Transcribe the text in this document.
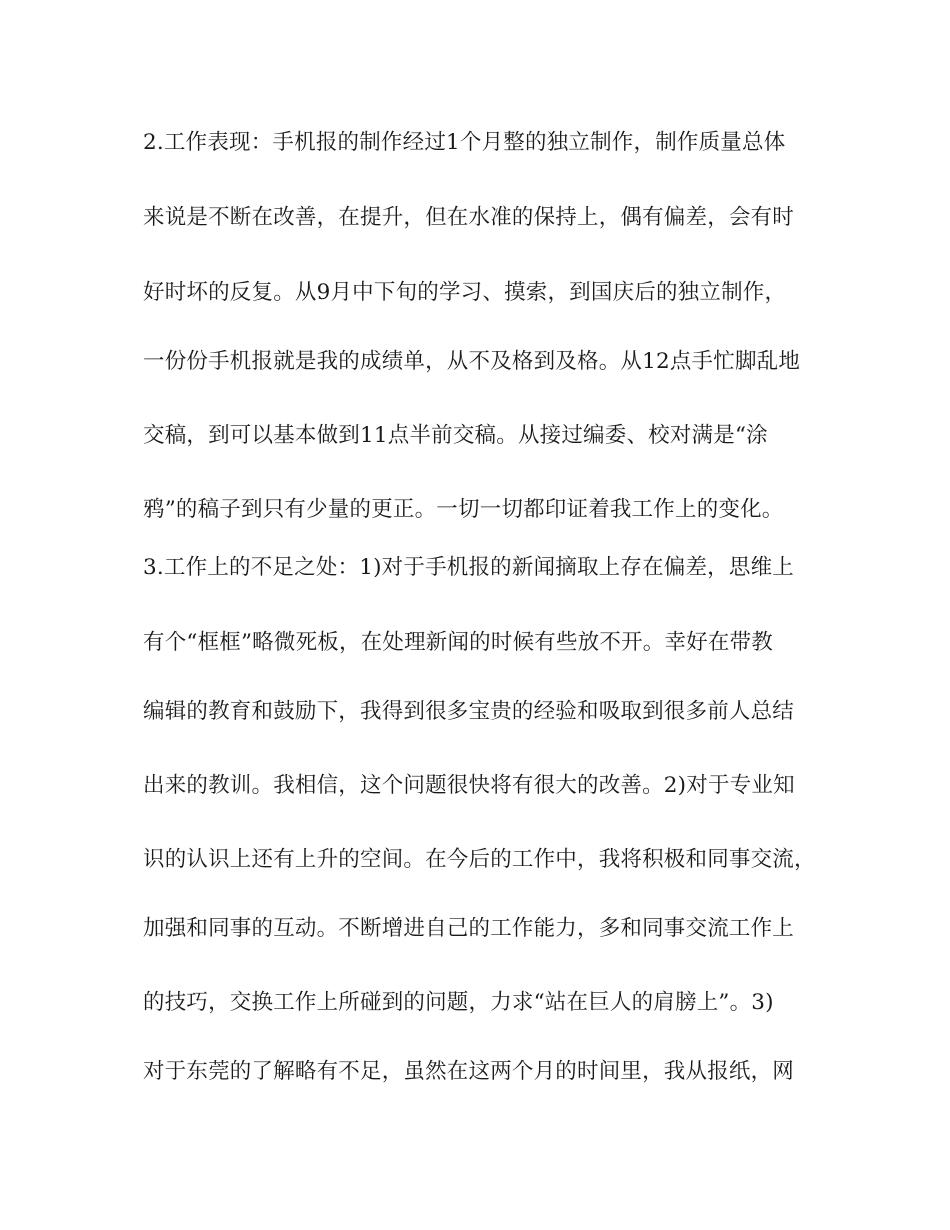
2.工作表现：手机报的制作经过1个月整的独立制作，制作质量总体
来说是不断在改善，在提升，但在水准的保持上，偶有偏差，会有时
好时坏的反复。从9月中下旬的学习、摸索，到国庆后的独立制作，
一份份手机报就是我的成绩单，从不及格到及格。从12点手忙脚乱地
交稿，到可以基本做到11点半前交稿。从接过编委、校对满是“涂
鸦”的稿子到只有少量的更正。一切一切都印证着我工作上的变化。
3.工作上的不足之处：1)对于手机报的新闻摘取上存在偏差，思维上
有个“框框”略微死板，在处理新闻的时候有些放不开。幸好在带教
编辑的教育和鼓励下，我得到很多宝贵的经验和吸取到很多前人总结
出来的教训。我相信，这个问题很快将有很大的改善。2)对于专业知
识的认识上还有上升的空间。在今后的工作中，我将积极和同事交流，
加强和同事的互动。不断增进自己的工作能力，多和同事交流工作上
的技巧，交换工作上所碰到的问题，力求“站在巨人的肩膀上”。3)
对于东莞的了解略有不足，虽然在这两个月的时间里，我从报纸，网
